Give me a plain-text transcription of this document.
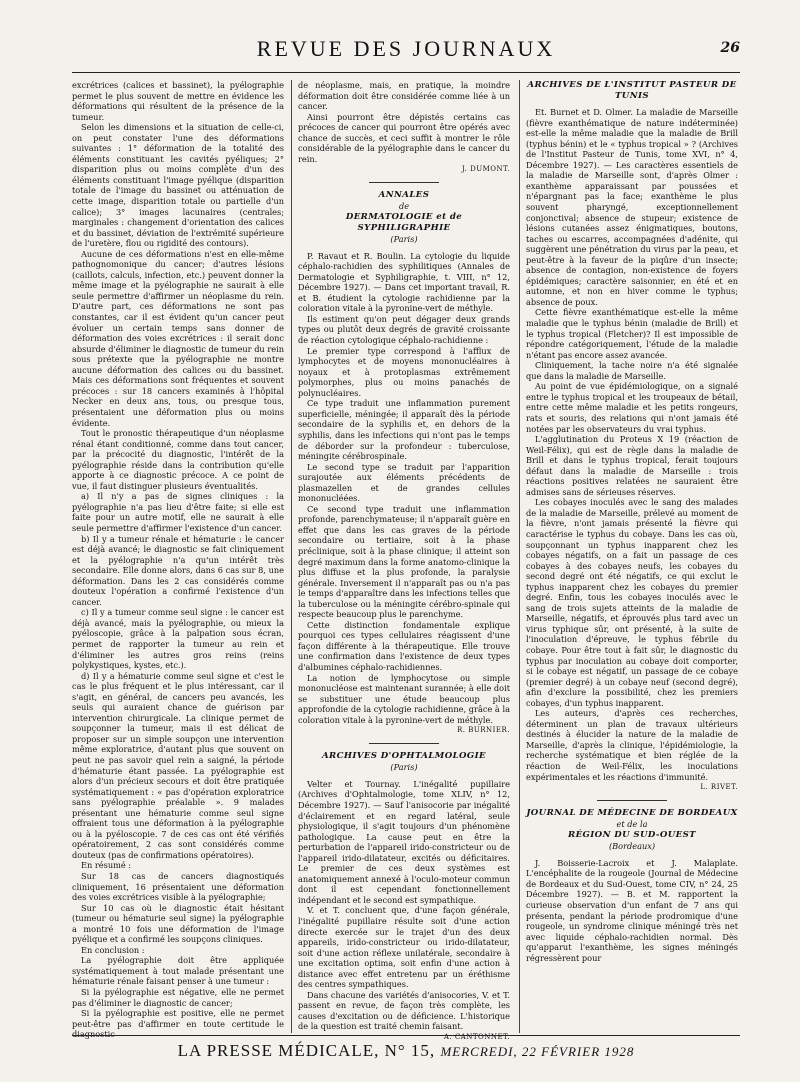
REVUE DES JOURNAUX	26

excrétrices (calices et bassinet), la pyélographie permet le plus souvent de mettre en évidence les déformations qui résultent de la présence de la tumeur.

Selon les dimensions et la situation de celle-ci, on peut constater l'une des déformations suivantes : 1° déformation de la totalité des éléments constituant les cavités pyéliques; 2° disparition plus ou moins complète d'un des éléments constituant l'image pyélique (disparition totale de l'image du bassinet ou atténuation de cette image, disparition totale ou partielle d'un calice); 3° images lacunaires (centrales; marginales : changement d'orientation des calices et du bassinet, déviation de l'extrémité supérieure de l'uretère, flou ou rigidité des contours).

Aucune de ces déformations n'est en elle-même pathognomonique du cancer; d'autres lésions (caillots, calculs, infection, etc.) peuvent donner la même image et la pyélographie ne saurait à elle seule permettre d'affirmer un néoplasme du rein. D'autre part, ces déformations ne sont pas constantes, car il est évident qu'un cancer peut évoluer un certain temps sans donner de déformation des voies excrétrices : il serait donc absurde d'éliminer le diagnostic de tumeur du rein sous prétexte que la pyélographie ne montre aucune déformation des calices ou du bassinet. Mais ces déformations sont fréquentes et souvent précoces : sur 18 cancers examinés à l'hôpital Necker en deux ans, tous, ou presque tous, présentaient une déformation plus ou moins évidente.

Tout le pronostic thérapeutique d'un néoplasme rénal étant conditionné, comme dans tout cancer, par la précocité du diagnostic, l'intérêt de la pyélographie réside dans la contribution qu'elle apporte à ce diagnostic précoce. A ce point de vue, il faut distinguer plusieurs éventualités.

a) Il n'y a pas de signes cliniques : la pyélographie n'a pas lieu d'être faite; si elle est faite pour un autre motif, elle ne saurait à elle seule permettre d'affirmer l'existence d'un cancer.

b) Il y a tumeur rénale et hématurie : le cancer est déjà avancé; le diagnostic se fait cliniquement et la pyélographie n'a qu'un intérêt très secondaire. Elle donne alors, dans 6 cas sur 8, une déformation. Dans les 2 cas considérés comme douteux l'opération a confirmé l'existence d'un cancer.

c) Il y a tumeur comme seul signe : le cancer est déjà avancé, mais la pyélographie, ou mieux la pyéloscopie, grâce à la palpation sous écran, permet de rapporter la tumeur au rein et d'éliminer les autres gros reins (reins polykystiques, kystes, etc.).

d) Il y a hématurie comme seul signe et c'est le cas le plus fréquent et le plus intéressant, car il s'agit, en général, de cancers peu avancés, les seuls qui auraient chance de guérison par intervention chirurgicale. La clinique permet de soupçonner la tumeur, mais il est délicat de proposer sur un simple soupçon une intervention même exploratrice, d'autant plus que souvent on peut ne pas savoir quel rein a saigné, la période d'hématurie étant passée. La pyélographie est alors d'un précieux secours et doit être pratiquée systématiquement : « pas d'opération exploratrice sans pyélographie préalable ». 9 malades présentant une hématurie comme seul signe offraient tous une déformation à la pyélographie ou à la pyéloscopie. 7 de ces cas ont été vérifiés opératoirement, 2 cas sont considérés comme douteux (pas de confirmations opératoires).

En résumé :

Sur 18 cas de cancers diagnostiqués cliniquement, 16 présentaient une déformation des voies excrétrices visible à la pyélographie;

Sur 10 cas où le diagnostic était hésitant (tumeur ou hématurie seul signe) la pyélographie a montré 10 fois une déformation de l'image pyélique et a confirmé les soupçons cliniques.

En conclusion :

La pyélographie doit être appliquée systématiquement à tout malade présentant une hématurie rénale faisant penser à une tumeur :

Si la pyélographie est négative, elle ne permet pas d'éliminer le diagnostic de cancer;

Si la pyélographie est positive, elle ne permet peut-être pas d'affirmer en toute certitude le diagnostic

de néoplasme, mais, en pratique, la moindre déformation doit être considérée comme liée à un cancer.

Ainsi pourront être dépistés certains cas précoces de cancer qui pourront être opérés avec chance de succès, et ceci suffit à montrer le rôle considérable de la pyélographie dans le cancer du rein.

J. DUMONT.

ANNALES
de
DERMATOLOGIE et de SYPHILIGRAPHIE
(Paris)

P. Ravaut et R. Boulin. La cytologie du liquide céphalo-rachidien des syphilitiques (Annales de Dermatologie et Syphiligraphie, t. VIII, n° 12, Décembre 1927). — Dans cet important travail, R. et B. étudient la cytologie rachidienne par la coloration vitale à la pyronine-vert de méthyle.

Ils estiment qu'on peut dégager deux grands types ou plutôt deux degrés de gravité croissante de réaction cytologique céphalo-rachidienne :

Le premier type correspond à l'afflux de lymphocytes et de moyens mononucléaires à noyaux et à protoplasmas extrêmement polymorphes, plus ou moins panachés de polynucléaires.

Ce type traduit une inflammation purement superficielle, méningée; il apparaît dès la période secondaire de la syphilis et, en dehors de la syphilis, dans les infections qui n'ont pas le temps de déborder sur la profondeur : tuberculose, méningite cérébrospinale.

Le second type se traduit par l'apparition surajoutée aux éléments précédents de plasmazellen et de grandes cellules mononucléées.

Ce second type traduit une inflammation profonde, parenchymateuse; il n'apparaît guère en effet que dans les cas graves de la période secondaire ou tertiaire, soit à la phase préclinique, soit à la phase clinique; il atteint son degré maximum dans la forme anatomo-clinique la plus diffuse et la plus profonde, la paralysie générale. Inversement il n'apparaît pas ou n'a pas le temps d'apparaître dans les infections telles que la tuberculose ou la méningite cérébro-spinale qui respecte beaucoup plus le parenchyme.

Cette distinction fondamentale explique pourquoi ces types cellulaires réagissent d'une façon différente à la thérapeutique. Elle trouve une confirmation dans l'existence de deux types d'albumines céphalo-rachidiennes.

La notion de lymphocytose ou simple mononucléose est maintenant surannée; à elle doit se substituer une étude beaucoup plus approfondie de la cytologie rachidienne, grâce à la coloration vitale à la pyronine-vert de méthyle.

R. BURNIER.

ARCHIVES D'OPHTALMOLOGIE
(Paris)

Velter et Tournay. L'inégalité pupillaire (Archives d'Ophtalmologie, tome XLIV, n° 12, Décembre 1927). — Sauf l'anisocorie par inégalité d'éclairement et en regard latéral, seule physiologique, il s'agit toujours d'un phénomène pathologique. La cause peut en être la perturbation de l'appareil irido-constricteur ou de l'appareil irido-dilatateur, excités ou déficitaires. Le premier de ces deux systèmes est anatomiquement annexé à l'oculo-moteur commun dont il est cependant fonctionnellement indépendant et le second est sympathique.

V. et T. concluent que, d'une façon générale, l'inégalité pupillaire résulte soit d'une action directe exercée sur le trajet d'un des deux appareils, irido-constricteur ou irido-dilatateur, soit d'une action réflexe unilatérale, secondaire à une excitation optima, soit enfin d'une action à distance avec effet entretenu par un éréthisme des centres sympathiques.

Dans chacune des variétés d'anisocories, V. et T. passent en revue, de façon très complète, les causes d'excitation ou de déficience. L'historique de la question est traité chemin faisant.

A. CANTONNET.

ARCHIVES DE L'INSTITUT PASTEUR DE TUNIS

Et. Burnet et D. Olmer. La maladie de Marseille (fièvre exanthématique de nature indéterminée) est-elle la même maladie que la maladie de Brill (typhus bénin) et le « typhus tropical » ? (Archives de l'Institut Pasteur de Tunis, tome XVI, n° 4, Décembre 1927). — Les caractères essentiels de la maladie de Marseille sont, d'après Olmer : exanthème apparaissant par poussées et n'épargnant pas la face; exanthème le plus souvent pharyngé, exceptionnellement conjonctival; absence de stupeur; existence de lésions cutanées assez énigmatiques, boutons, taches ou escarres, accompagnées d'adénite, qui suggèrent une pénétration du virus par la peau, et peut-être à la faveur de la piqûre d'un insecte; absence de contagion, non-existence de foyers épidémiques; caractère saisonnier, en été et en automne, et non en hiver comme le typhus; absence de poux.

Cette fièvre exanthématique est-elle la même maladie que le typhus bénin (maladie de Brill) et le typhus tropical (Fletcher)? Il est impossible de répondre catégoriquement, l'étude de la maladie n'étant pas encore assez avancée.

Cliniquement, la tache noire n'a été signalée que dans la maladie de Marseille.

Au point de vue épidémiologique, on a signalé entre le typhus tropical et les troupeaux de bétail, entre cette même maladie et les petits rongeurs, rats et souris, des relations qui n'ont jamais été notées par les observateurs du vrai typhus.

L'agglutination du Proteus X 19 (réaction de Weil-Félix), qui est de règle dans la maladie de Brill et dans le typhus tropical, ferait toujours défaut dans la maladie de Marseille : trois réactions positives relatées ne sauraient être admises sans de sérieuses réserves.

Les cobayes inoculés avec le sang des malades de la maladie de Marseille, prélevé au moment de la fièvre, n'ont jamais présenté la fièvre qui caractérise le typhus du cobaye. Dans les cas où, soupçonnant un typhus inapparent chez les cobayes négatifs, on a fait un passage de ces cobayes à des cobayes neufs, les cobayes du second degré ont été négatifs, ce qui exclut le typhus inapparent chez les cobayes du premier degré. Enfin, tous les cobayes inoculés avec le sang de trois sujets atteints de la maladie de Marseille, négatifs, et éprouvés plus tard avec un virus typhique sûr, ont présenté, à la suite de l'inoculation d'épreuve, le typhus fébrile du cobaye. Pour être tout à fait sûr, le diagnostic du typhus par inoculation au cobaye doit comporter, si le cobaye est négatif, un passage de ce cobaye (premier degré) à un cobaye neuf (second degré), afin d'exclure la possibilité, chez les premiers cobayes, d'un typhus inapparent.

Les auteurs, d'après ces recherches, déterminent un plan de travaux ultérieurs destinés à élucider la nature de la maladie de Marseille, d'après la clinique, l'épidémiologie, la recherche systématique et bien réglée de la réaction de Weil-Félix, les inoculations expérimentales et les réactions d'immunité.

L. RIVET.

JOURNAL DE MÉDECINE DE BORDEAUX
et de la
RÉGION DU SUD-OUEST
(Bordeaux)

J. Boisserie-Lacroix et J. Malaplate. L'encéphalite de la rougeole (Journal de Médecine de Bordeaux et du Sud-Ouest, tome CIV, n° 24, 25 Décembre 1927). — B. et M. rapportent la curieuse observation d'un enfant de 7 ans qui présenta, pendant la période prodromique d'une rougeole, un syndrome clinique méningé très net avec liquide céphalo-rachidien normal. Dès qu'apparut l'exanthème, les signes méningés régressèrent pour

LA PRESSE MÉDICALE, N° 15, MERCREDI, 22 FÉVRIER 1928
